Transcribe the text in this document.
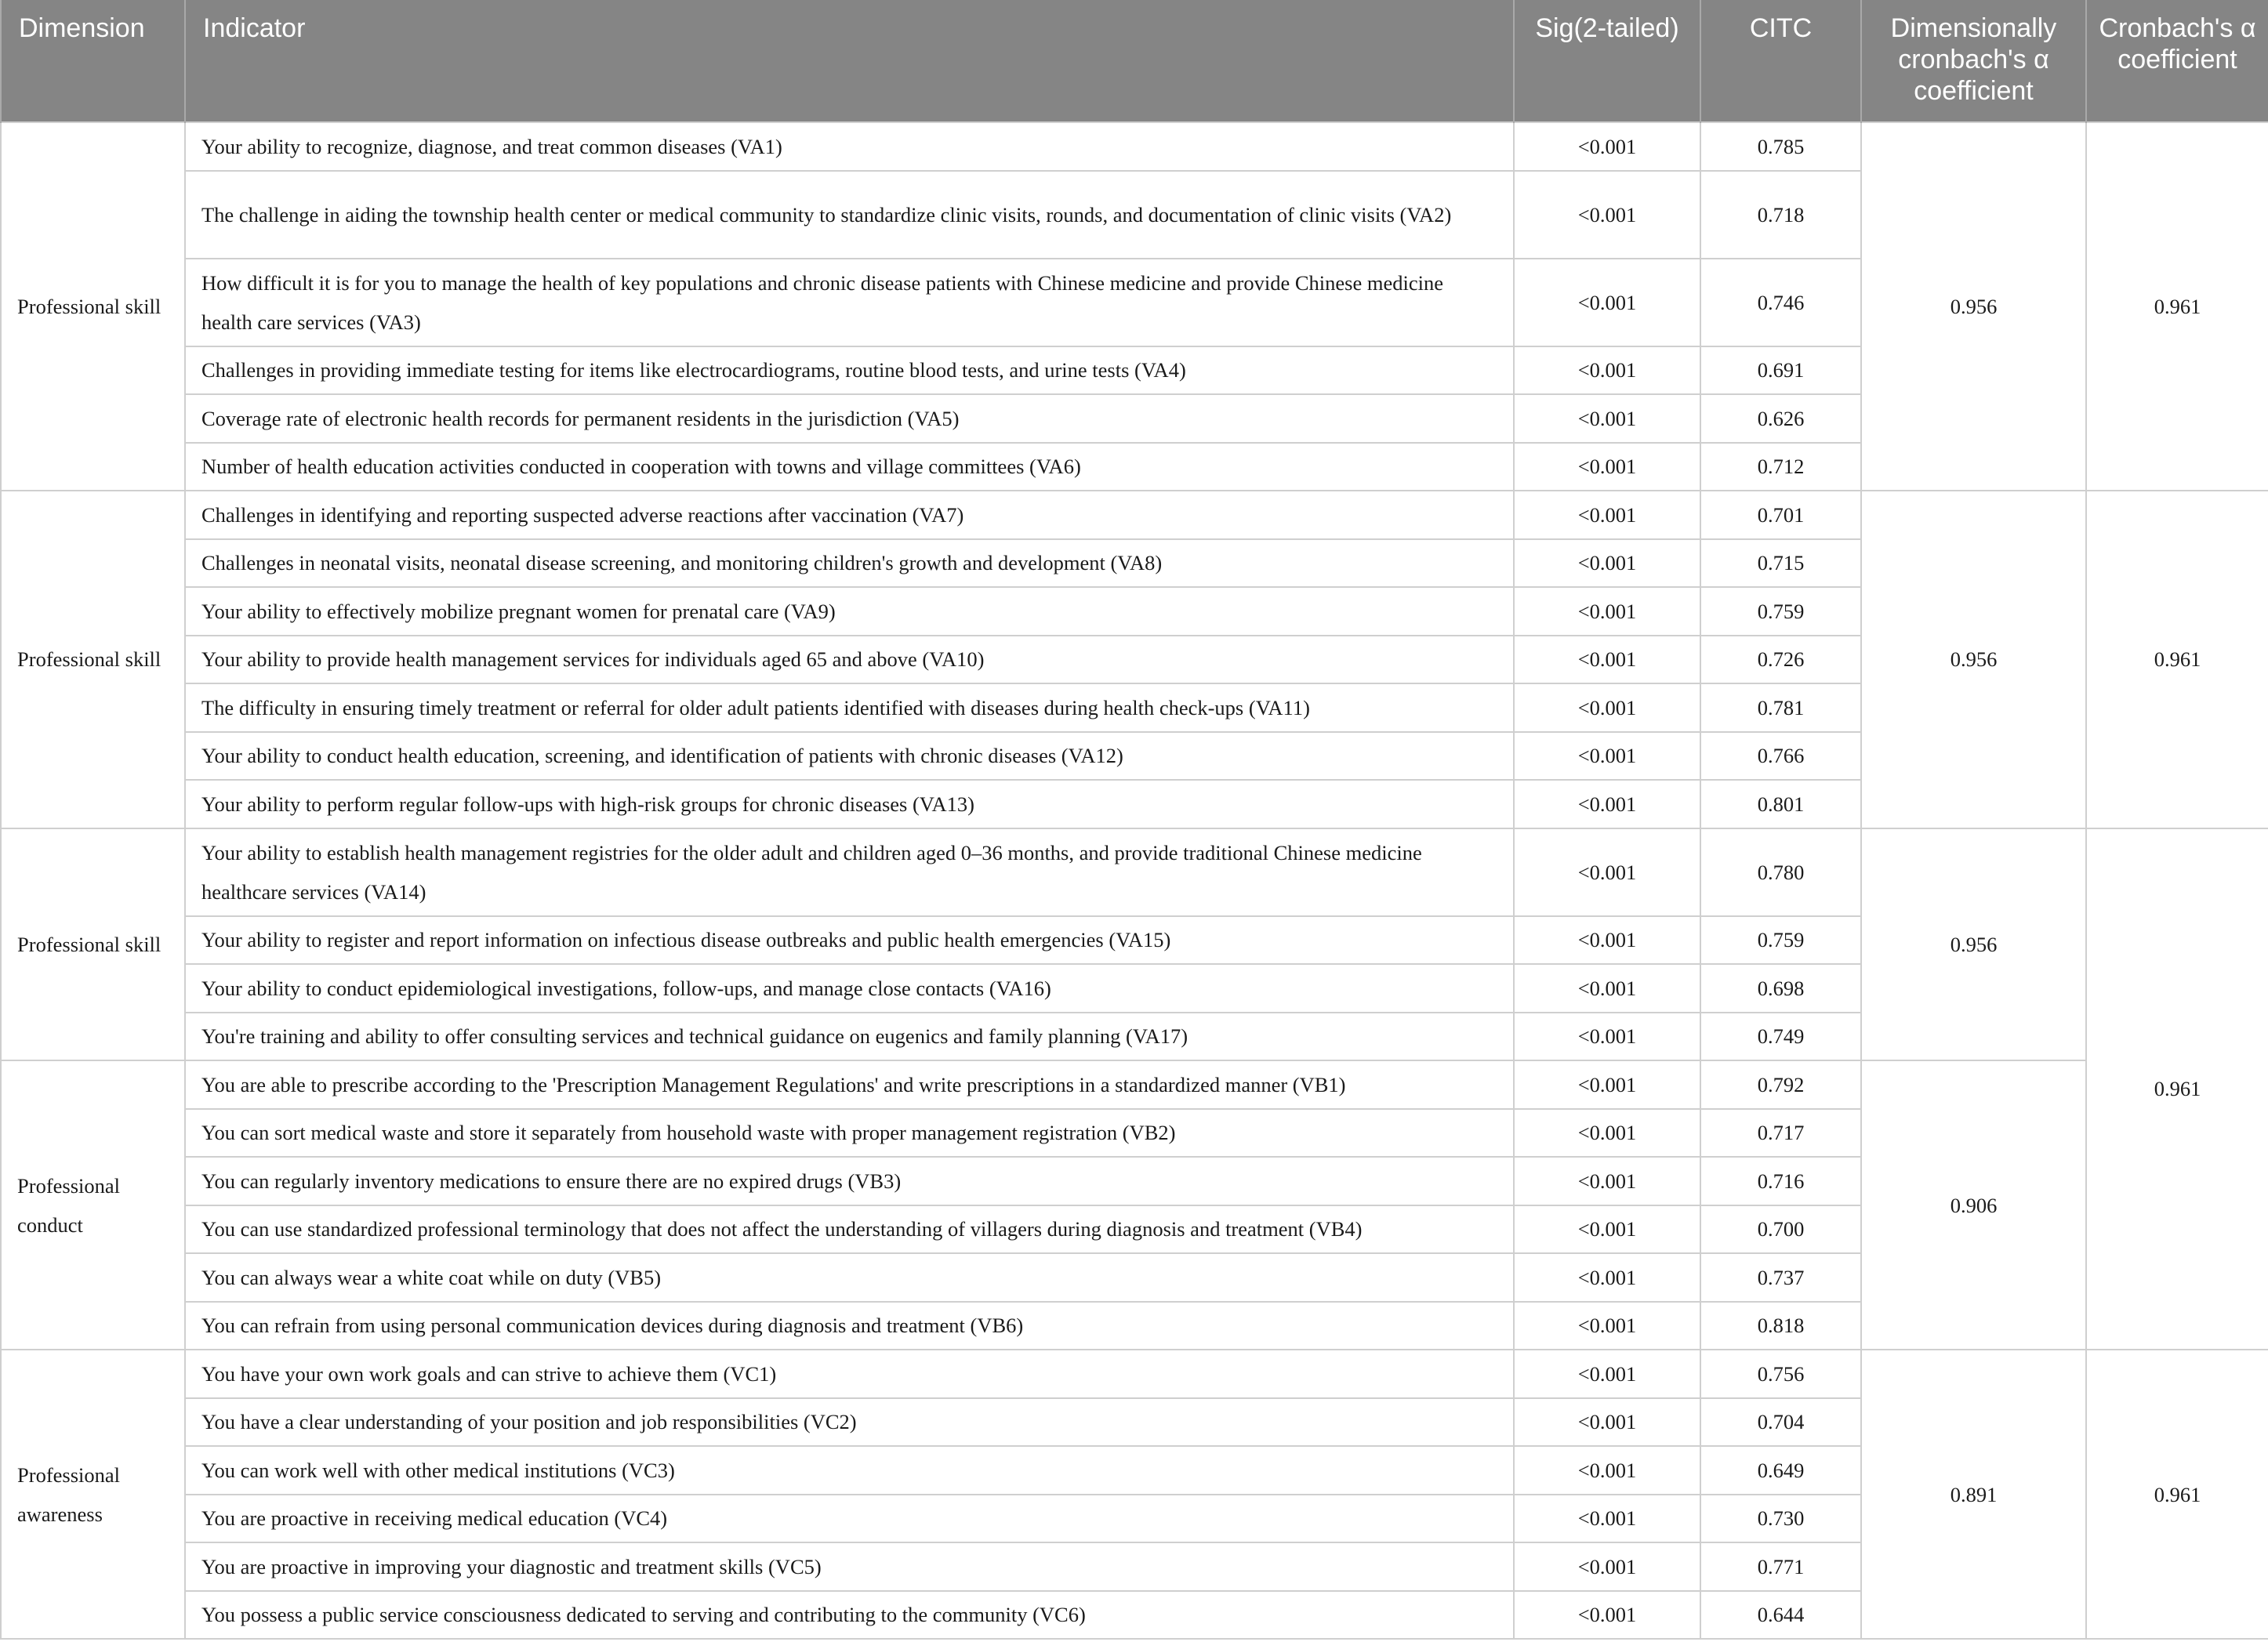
Dimension	Indicator	Sig(2-tailed)	CITC	Dimensionally cronbach's α coefficient	Cronbach's α coefficient
Professional skill	Your ability to recognize, diagnose, and treat common diseases (VA1)	<0.001	0.785	0.956	0.961
	The challenge in aiding the township health center or medical community to standardize clinic visits, rounds, and documentation of clinic visits (VA2)	<0.001	0.718		
	How difficult it is for you to manage the health of key populations and chronic disease patients with Chinese medicine and provide Chinese medicine health care services (VA3)	<0.001	0.746		
	Challenges in providing immediate testing for items like electrocardiograms, routine blood tests, and urine tests (VA4)	<0.001	0.691		
	Coverage rate of electronic health records for permanent residents in the jurisdiction (VA5)	<0.001	0.626		
	Number of health education activities conducted in cooperation with towns and village committees (VA6)	<0.001	0.712		
Professional skill	Challenges in identifying and reporting suspected adverse reactions after vaccination (VA7)	<0.001	0.701	0.956	0.961
	Challenges in neonatal visits, neonatal disease screening, and monitoring children's growth and development (VA8)	<0.001	0.715		
	Your ability to effectively mobilize pregnant women for prenatal care (VA9)	<0.001	0.759		
	Your ability to provide health management services for individuals aged 65 and above (VA10)	<0.001	0.726		
	The difficulty in ensuring timely treatment or referral for older adult patients identified with diseases during health check-ups (VA11)	<0.001	0.781		
	Your ability to conduct health education, screening, and identification of patients with chronic diseases (VA12)	<0.001	0.766		
	Your ability to perform regular follow-ups with high-risk groups for chronic diseases (VA13)	<0.001	0.801		
Professional skill	Your ability to establish health management registries for the older adult and children aged 0–36 months, and provide traditional Chinese medicine healthcare services (VA14)	<0.001	0.780	0.956	0.961
	Your ability to register and report information on infectious disease outbreaks and public health emergencies (VA15)	<0.001	0.759		
	Your ability to conduct epidemiological investigations, follow-ups, and manage close contacts (VA16)	<0.001	0.698		
	You're training and ability to offer consulting services and technical guidance on eugenics and family planning (VA17)	<0.001	0.749		
Professional conduct	You are able to prescribe according to the 'Prescription Management Regulations' and write prescriptions in a standardized manner (VB1)	<0.001	0.792	0.906	
	You can sort medical waste and store it separately from household waste with proper management registration (VB2)	<0.001	0.717		
	You can regularly inventory medications to ensure there are no expired drugs (VB3)	<0.001	0.716		
	You can use standardized professional terminology that does not affect the understanding of villagers during diagnosis and treatment (VB4)	<0.001	0.700		
	You can always wear a white coat while on duty (VB5)	<0.001	0.737		
	You can refrain from using personal communication devices during diagnosis and treatment (VB6)	<0.001	0.818		
Professional awareness	You have your own work goals and can strive to achieve them (VC1)	<0.001	0.756	0.891	0.961
	You have a clear understanding of your position and job responsibilities (VC2)	<0.001	0.704		
	You can work well with other medical institutions (VC3)	<0.001	0.649		
	You are proactive in receiving medical education (VC4)	<0.001	0.730		
	You are proactive in improving your diagnostic and treatment skills (VC5)	<0.001	0.771		
	You possess a public service consciousness dedicated to serving and contributing to the community (VC6)	<0.001	0.644		
